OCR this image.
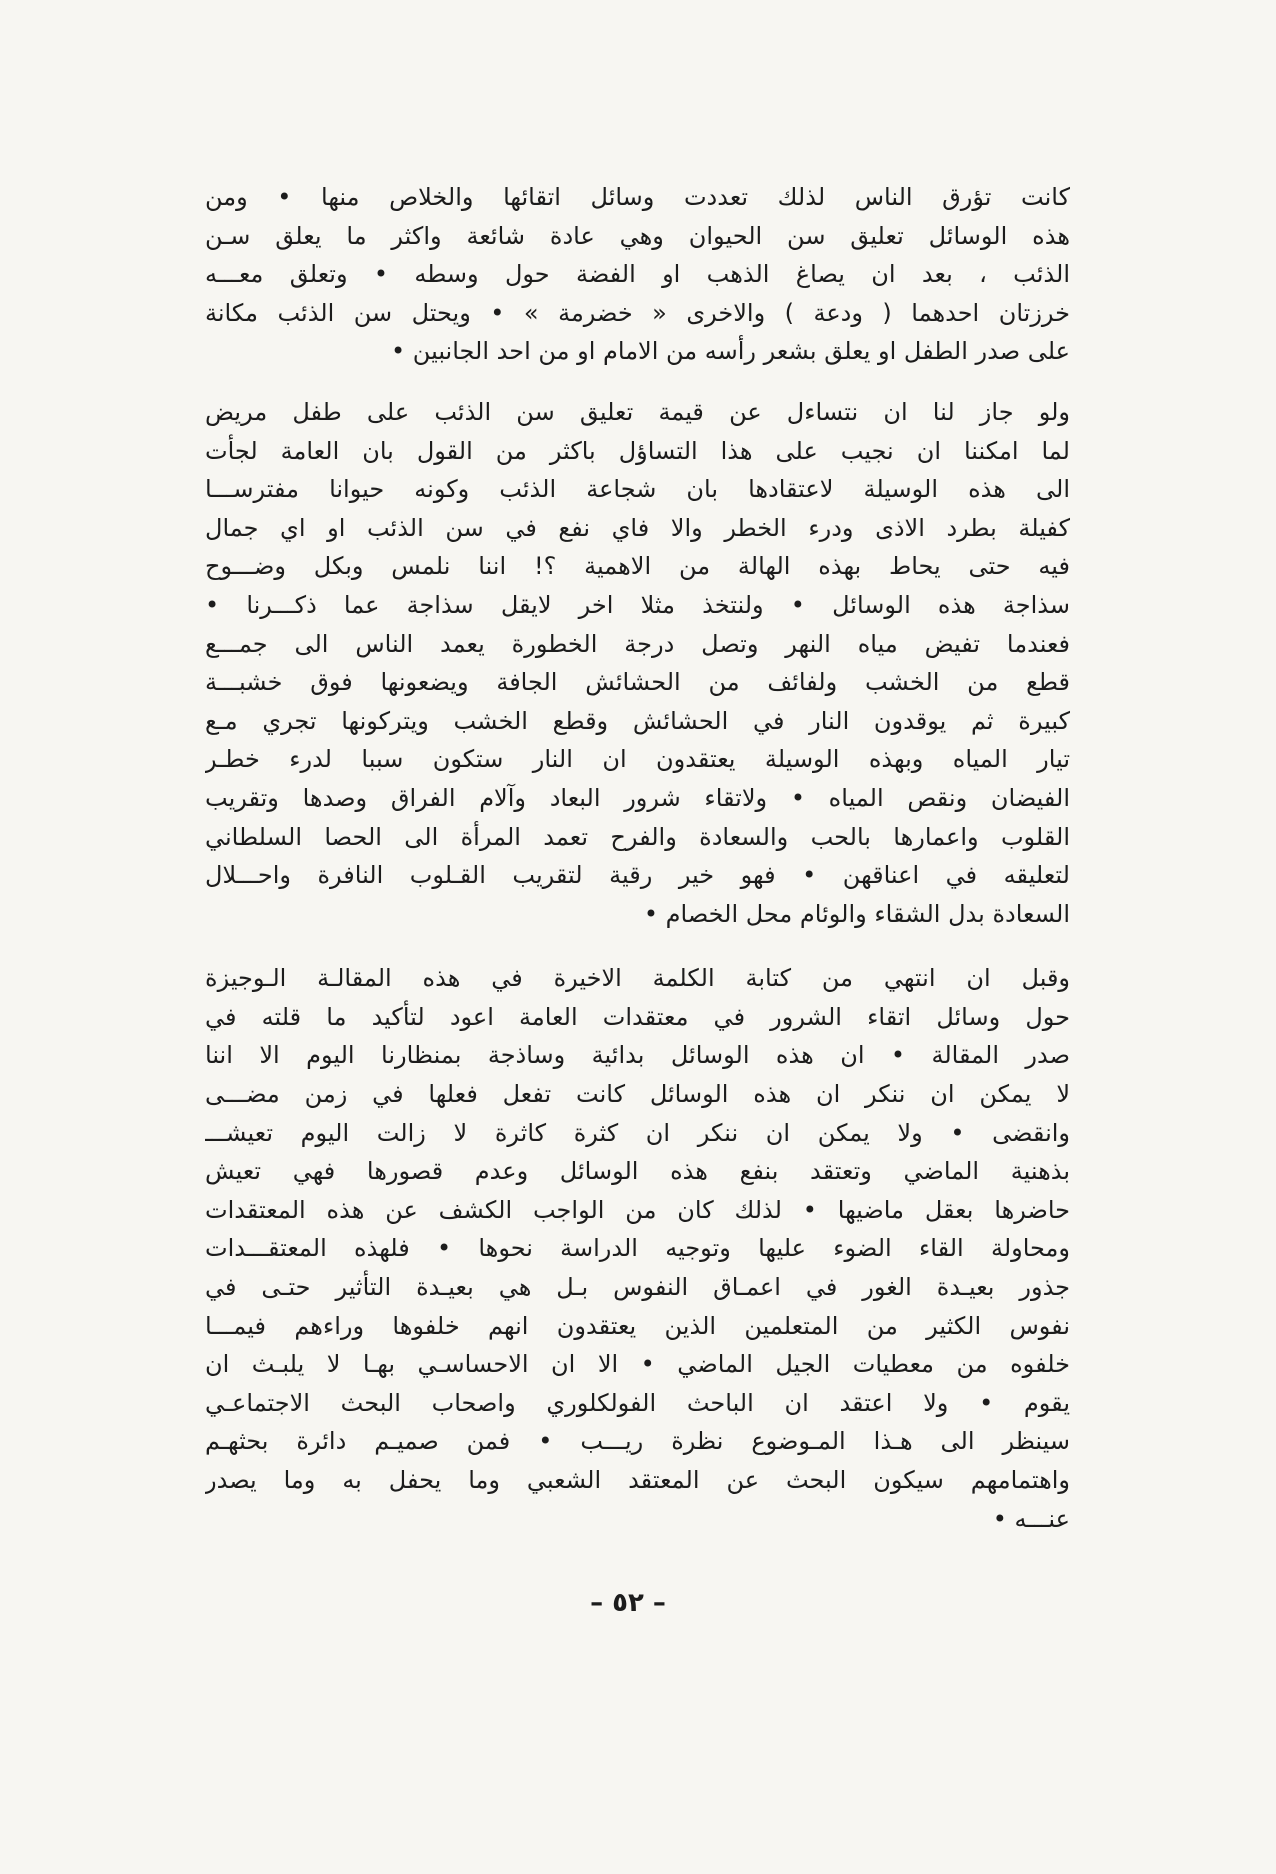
كانت تؤرق الناس لذلك تعددت وسائل اتقائها والخلاص منها • ومن
هذه الوسائل تعليق سن الحيوان وهي عادة شائعة واكثر ما يعلق سـن
الذئب ، بعد ان يصاغ الذهب او الفضة حول وسطه • وتعلق معـــه
خرزتان احدهما ( ودعة ) والاخرى « خضرمة » • ويحتل سن الذئب مكانة
على صدر الطفل او يعلق بشعر رأسه من الامام او من احد الجانبين •
ولو جاز لنا ان نتساءل عن قيمة تعليق سن الذئب على طفل مريض
لما امكننا ان نجيب على هذا التساؤل باكثر من القول بان العامة لجأت
الى هذه الوسيلة لاعتقادها بان شجاعة الذئب وكونه حيوانا مفترســـا
كفيلة بطرد الاذى ودرء الخطر والا فاي نفع في سن الذئب او اي جمال
فيه حتى يحاط بهذه الهالة من الاهمية ؟! اننا نلمس وبكل وضـــوح
سذاجة هذه الوسائل • ولنتخذ مثلا اخر لايقل سذاجة عما ذكـــرنا •
فعندما تفيض مياه النهر وتصل درجة الخطورة يعمد الناس الى جمـــع
قطع من الخشب ولفائف من الحشائش الجافة ويضعونها فوق خشبـــة
كبيرة ثم يوقدون النار في الحشائش وقطع الخشب ويتركونها تجري مـع
تيار المياه وبهذه الوسيلة يعتقدون ان النار ستكون سببا لدرء خطـر
الفيضان ونقص المياه • ولاتقاء شرور البعاد وآلام الفراق وصدها وتقريب
القلوب واعمارها بالحب والسعادة والفرح تعمد المرأة الى الحصا السلطاني
لتعليقه في اعناقهن • فهو خير رقية لتقريب القـلوب النافرة واحـــلال
السعادة بدل الشقاء والوئام محل الخصام •
وقبل ان انتهي من كتابة الكلمة الاخيرة في هذه المقالـة الـوجيزة
حول وسائل اتقاء الشرور في معتقدات العامة اعود لتأكيد ما قلته في
صدر المقالة • ان هذه الوسائل بدائية وساذجة بمنظارنا اليوم الا اننا
لا يمكن ان ننكر ان هذه الوسائل كانت تفعل فعلها في زمن مضـــى
وانقضى • ولا يمكن ان ننكر ان كثرة كاثرة لا زالت اليوم تعيشـــ
بذهنية الماضي وتعتقد بنفع هذه الوسائل وعدم قصورها فهي تعيش
حاضرها بعقل ماضيها • لذلك كان من الواجب الكشف عن هذه المعتقدات
ومحاولة القاء الضوء عليها وتوجيه الدراسة نحوها • فلهذه المعتقـــدات
جذور بعيـدة الغور في اعمـاق النفوس بـل هي بعيـدة التأثير حتـى في
نفوس الكثير من المتعلمين الذين يعتقدون انهم خلفوها وراءهم فيمـــا
خلفوه من معطيات الجيل الماضي • الا ان الاحساسـي بهـا لا يلبـث ان
يقوم • ولا اعتقد ان الباحث الفولكلوري واصحاب البحث الاجتماعـي
سينظر الى هـذا المـوضوع نظرة ريـــب • فمن صميـم دائرة بحثهـم
واهتمامهم سيكون البحث عن المعتقد الشعبي وما يحفل به وما يصدر
عنـــه •
– ٥٢ –
